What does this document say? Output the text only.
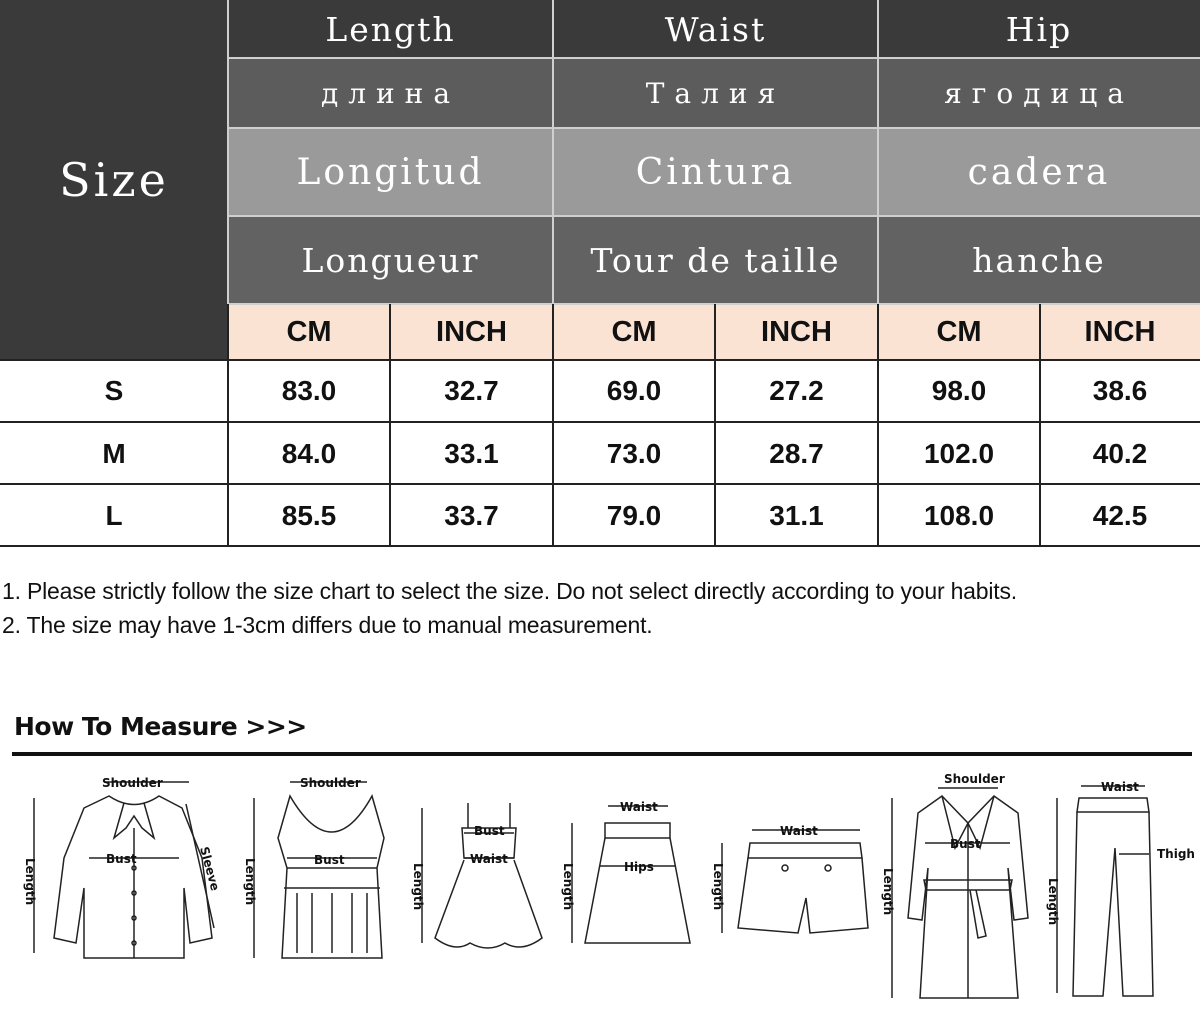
Size
Length	Waist	Hip
длина	Талия	ягодица
Longitud	Cintura	cadera
Longueur	Tour de taille	hanche
CM	INCH	CM	INCH	CM	INCH
S	83.0	32.7	69.0	27.2	98.0	38.6
M	84.0	33.1	73.0	28.7	102.0	40.2
L	85.5	33.7	79.0	31.1	108.0	42.5
1. Please strictly follow the size chart to select the size. Do not select directly according to your habits.
2. The size may have 1-3cm differs due to manual measurement.
How To Measure >>>
Shoulder
Length	Bust	Sleeve
Shoulder
Length	Bust
Length
Bust
Waist
Waist
Length	Hips
Waist
Length
Shoulder
Length
Bust
Waist
Length
Thigh
